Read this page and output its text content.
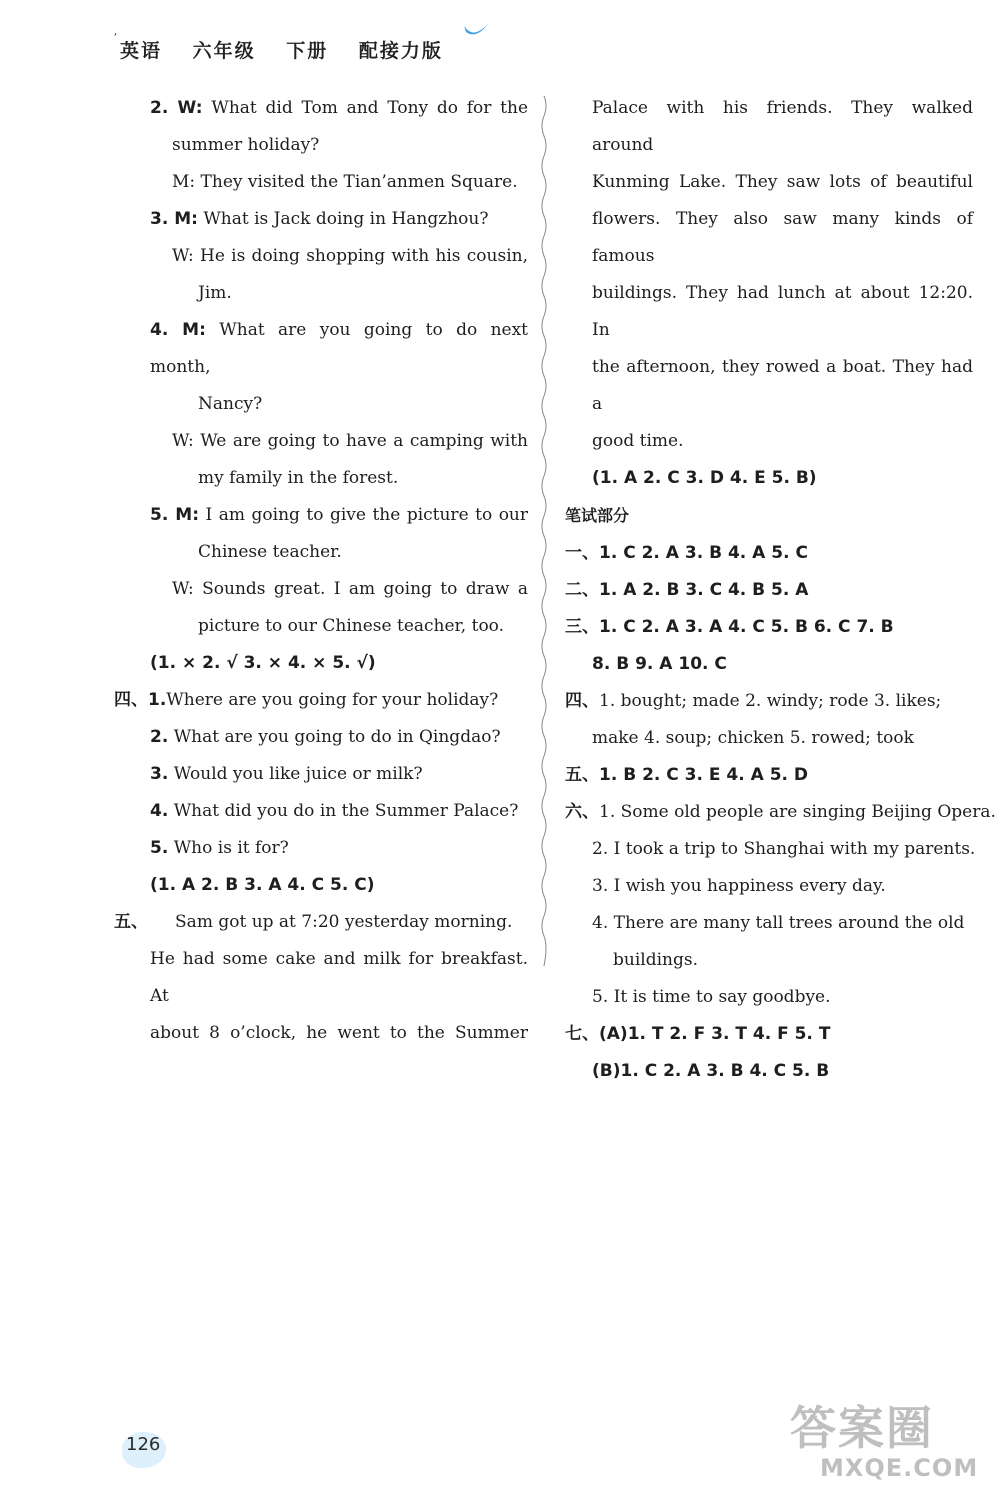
ʼ
英语 六年级 下册 配接力版

2. W: What did Tom and Tony do for the

summer holiday?

M: They visited the Tian’anmen Square.

3. M: What is Jack doing in Hangzhou?

W: He is doing shopping with his cousin,

Jim.

4. M: What are you going to do next month,

Nancy?

W: We are going to have a camping with

my family in the forest.

5. M: I am going to give the picture to our

Chinese teacher.

W: Sounds great. I am going to draw a

picture to our Chinese teacher, too.

(1. × 2. √ 3. × 4. × 5. √)

四、1.Where are you going for your holiday?

2. What are you going to do in Qingdao?

3. Would you like juice or milk?

4. What did you do in the Summer Palace?

5. Who is it for?

(1. A 2. B 3. A 4. C 5. C)

五、 Sam got up at 7:20 yesterday morning.

He had some cake and milk for breakfast. At

about 8 o’clock, he went to the Summer

Palace with his friends. They walked around

Kunming Lake. They saw lots of beautiful

flowers. They also saw many kinds of famous

buildings. They had lunch at about 12:20. In

the afternoon, they rowed a boat. They had a

good time.

(1. A 2. C 3. D 4. E 5. B)

笔试部分

一、1. C 2. A 3. B 4. A 5. C

二、1. A 2. B 3. C 4. B 5. A

三、1. C 2. A 3. A 4. C 5. B 6. C 7. B

8. B 9. A 10. C

四、1. bought; made 2. windy; rode 3. likes;

make 4. soup; chicken 5. rowed; took

五、1. B 2. C 3. E 4. A 5. D

六、1. Some old people are singing Beijing Opera.

2. I took a trip to Shanghai with my parents.

3. I wish you happiness every day.

4. There are many tall trees around the old

buildings.

5. It is time to say goodbye.

七、(A)1. T 2. F 3. T 4. F 5. T

(B)1. C 2. A 3. B 4. C 5. B

126	答案圈
MXQE.COM
